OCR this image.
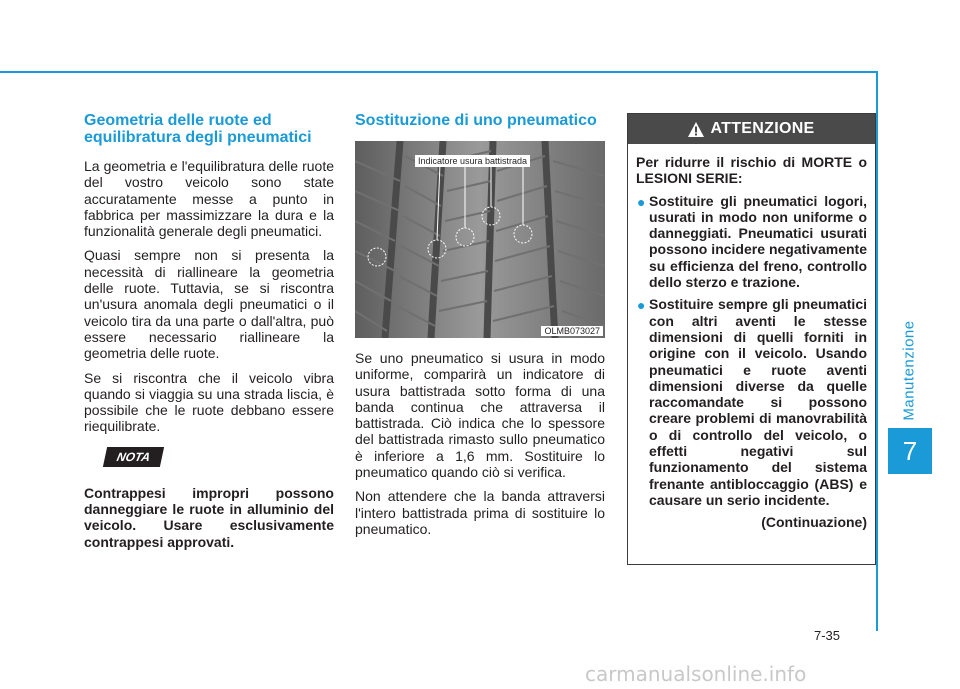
Manutenzione
7
Geometria delle ruote ed equilibratura degli pneumatici

La geometria e l'equilibratura delle ruote del vostro veicolo sono state accuratamente messe a punto in fabbrica per massimizzare la dura e la funzionalità generale degli pneumatici.

Quasi sempre non si presenta la necessità di riallineare la geometria delle ruote. Tuttavia, se si riscontra un'usura anomala degli pneumatici o il veicolo tira da una parte o dall'altra, può essere necessario riallineare la geometria delle ruote.

Se si riscontra che il veicolo vibra quando si viaggia su una strada liscia, è possibile che le ruote debbano essere riequilibrate.

NOTA

Contrappesi impropri possono danneggiare le ruote in alluminio del veicolo. Usare esclusivamente contrappesi approvati.

Sostituzione di uno pneumatico
Indicatore usura battistrada
OLMB073027

Se uno pneumatico si usura in modo uniforme, comparirà un indicatore di usura battistrada sotto forma di una banda continua che attraversa il battistrada. Ciò indica che lo spessore del battistrada rimasto sullo pneumatico è inferiore a 1,6 mm. Sostituire lo pneumatico quando ciò si verifica.

Non attendere che la banda attraversi l'intero battistrada prima di sostituire lo pneumatico.

ATTENZIONE

Per ridurre il rischio di MORTE o LESIONI SERIE:

● Sostituire gli pneumatici logori, usurati in modo non uniforme o danneggiati. Pneumatici usurati possono incidere negativamente su efficienza del freno, controllo dello sterzo e trazione.
● Sostituire sempre gli pneumatici con altri aventi le stesse dimensioni di quelli forniti in origine con il veicolo. Usando pneumatici e ruote aventi dimensioni diverse da quelle raccomandate si possono creare problemi di manovrabilità o di controllo del veicolo, o effetti negativi sul funzionamento del sistema frenante antibloccaggio (ABS) e causare un serio incidente.
(Continuazione)
7-35
carmanualsonline.info
